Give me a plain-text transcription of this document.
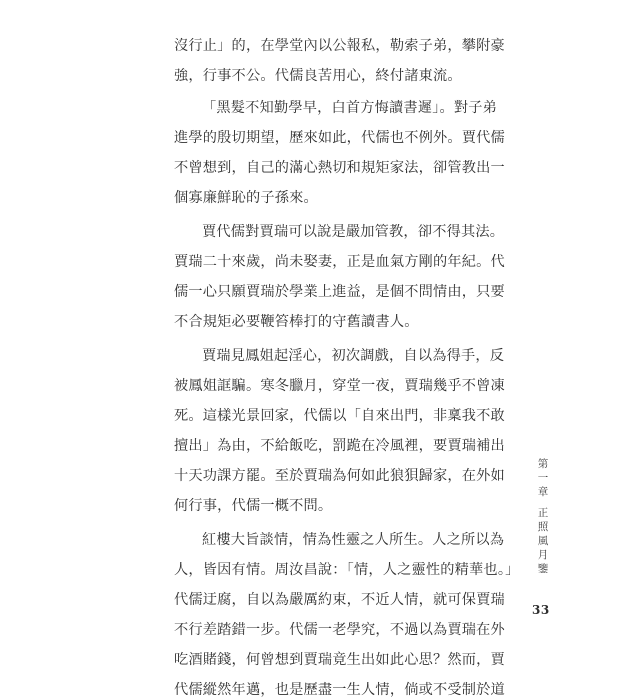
沒行止」的，在學堂內以公報私，勒索子弟，攀附豪
強，行事不公。代儒良苦用心，終付諸東流。
「黑髮不知勤學早，白首方悔讀書遲」。對子弟
進學的殷切期望，歷來如此，代儒也不例外。賈代儒
不曾想到，自己的滿心熱切和規矩家法，卻管教出一
個寡廉鮮恥的子孫來。
賈代儒對賈瑞可以說是嚴加管教，卻不得其法。
賈瑞二十來歲，尚未娶妻，正是血氣方剛的年紀。代
儒一心只願賈瑞於學業上進益，是個不問情由，只要
不合規矩必要鞭笞棒打的守舊讀書人。
賈瑞見鳳姐起淫心，初次調戲，自以為得手，反
被鳳姐誆騙。寒冬臘月，穿堂一夜，賈瑞幾乎不曾凍
死。這樣光景回家，代儒以「自來出門，非稟我不敢
擅出」為由，不給飯吃，罰跪在冷風裡，要賈瑞補出
十天功課方罷。至於賈瑞為何如此狼狽歸家，在外如
何行事，代儒一概不問。
紅樓大旨談情，情為性靈之人所生。人之所以為
人，皆因有情。周汝昌說：「情，人之靈性的精華也。」
代儒迂腐，自以為嚴厲約束，不近人情，就可保賈瑞
不行差踏錯一步。代儒一老學究，不過以為賈瑞在外
吃酒賭錢，何曾想到賈瑞竟生出如此心思？然而，賈
代儒縱然年邁，也是歷盡一生人情，倘或不受制於道
第一章
正照風月鑒
33
